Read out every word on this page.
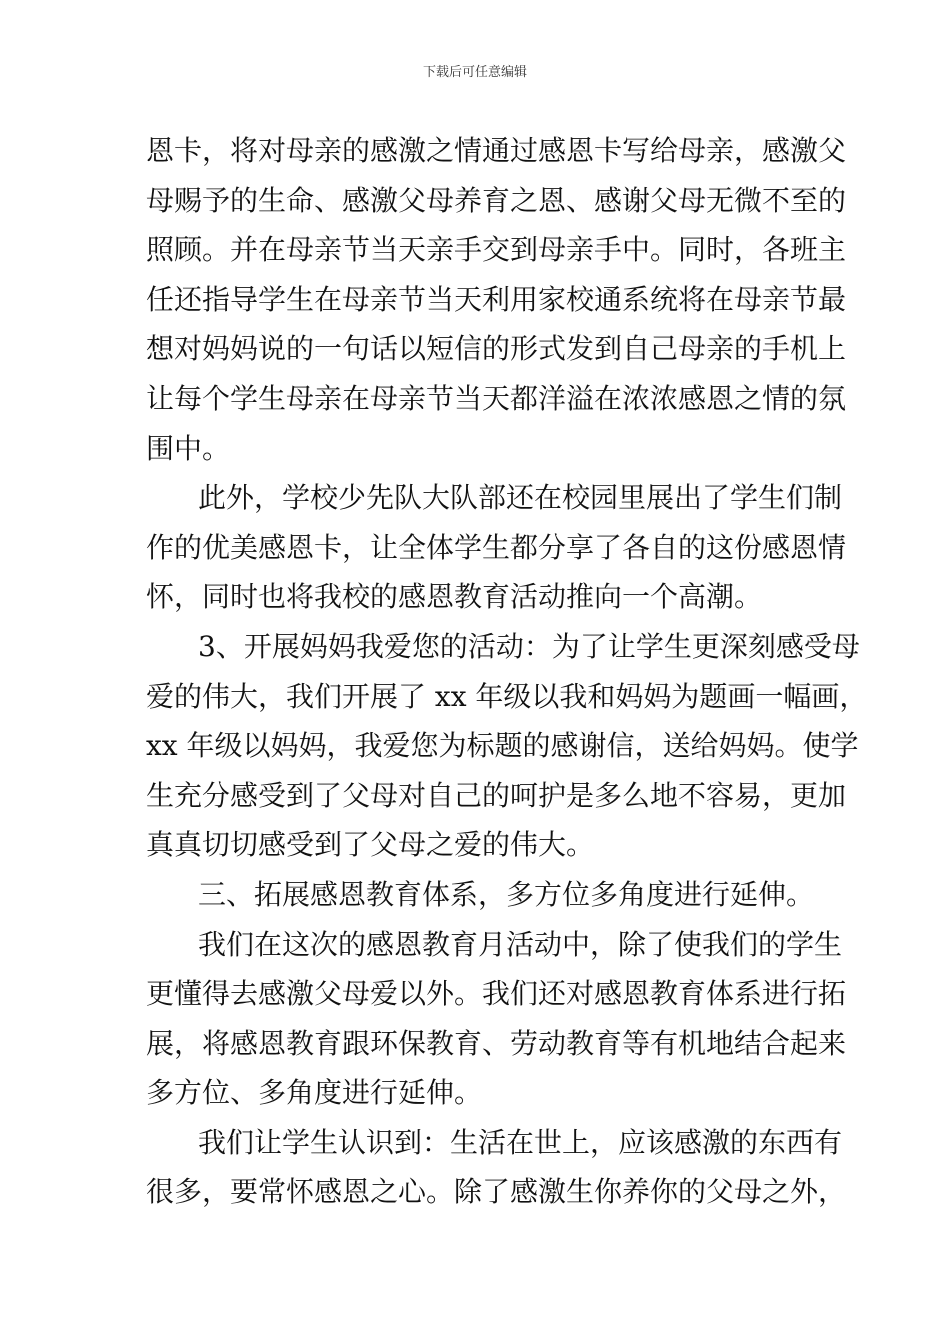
下载后可任意编辑
恩卡，将对母亲的感激之情通过感恩卡写给母亲，感激父
母赐予的生命、感激父母养育之恩、感谢父母无微不至的
照顾。并在母亲节当天亲手交到母亲手中。同时，各班主
任还指导学生在母亲节当天利用家校通系统将在母亲节最
想对妈妈说的一句话以短信的形式发到自己母亲的手机上
让每个学生母亲在母亲节当天都洋溢在浓浓感恩之情的氛
围中。
此外，学校少先队大队部还在校园里展出了学生们制
作的优美感恩卡，让全体学生都分享了各自的这份感恩情
怀，同时也将我校的感恩教育活动推向一个高潮。
3、开展妈妈我爱您的活动：为了让学生更深刻感受母
爱的伟大，我们开展了 xx 年级以我和妈妈为题画一幅画，
xx 年级以妈妈，我爱您为标题的感谢信，送给妈妈。使学
生充分感受到了父母对自己的呵护是多么地不容易，更加
真真切切感受到了父母之爱的伟大。
三、拓展感恩教育体系，多方位多角度进行延伸。
我们在这次的感恩教育月活动中，除了使我们的学生
更懂得去感激父母爱以外。我们还对感恩教育体系进行拓
展，将感恩教育跟环保教育、劳动教育等有机地结合起来
多方位、多角度进行延伸。
我们让学生认识到：生活在世上，应该感激的东西有
很多，要常怀感恩之心。除了感激生你养你的父母之外，
